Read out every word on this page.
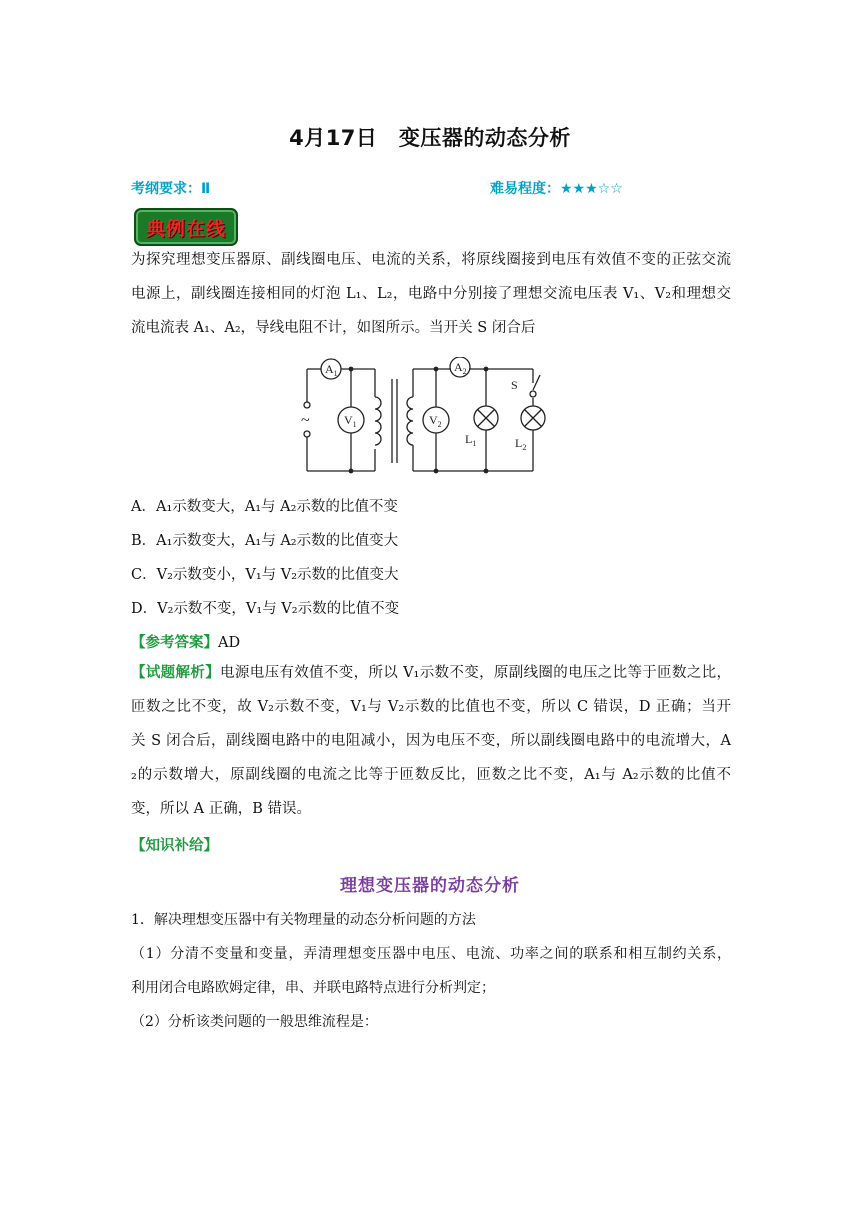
4月17日　变压器的动态分析
考纲要求：Ⅱ	难易程度：★★★☆☆
典例在线
为探究理想变压器原、副线圈电压、电流的关系，将原线圈接到电压有效值不变的正弦交流
电源上，副线圈连接相同的灯泡 L₁、L₂，电路中分别接了理想交流电压表 V₁、V₂和理想交
流电流表 A₁、A₂，导线电阻不计，如图所示。当开关 S 闭合后
$A_1$	$A_2$
$V_1$	$V_2$
$L_1$	$L_2$
S
~
A．A₁示数变大，A₁与 A₂示数的比值不变
B．A₁示数变大，A₁与 A₂示数的比值变大
C．V₂示数变小，V₁与 V₂示数的比值变大
D．V₂示数不变，V₁与 V₂示数的比值不变
【参考答案】AD
【试题解析】电源电压有效值不变，所以 V₁示数不变，原副线圈的电压之比等于匝数之比，
匝数之比不变，故 V₂示数不变，V₁与 V₂示数的比值也不变，所以 C 错误，D 正确；当开
关 S 闭合后，副线圈电路中的电阻减小，因为电压不变，所以副线圈电路中的电流增大，A
₂的示数增大，原副线圈的电流之比等于匝数反比，匝数之比不变，A₁与 A₂示数的比值不
变，所以 A 正确，B 错误。
【知识补给】
理想变压器的动态分析
1．解决理想变压器中有关物理量的动态分析问题的方法
（1）分清不变量和变量，弄清理想变压器中电压、电流、功率之间的联系和相互制约关系，
利用闭合电路欧姆定律，串、并联电路特点进行分析判定；
（2）分析该类问题的一般思维流程是：
